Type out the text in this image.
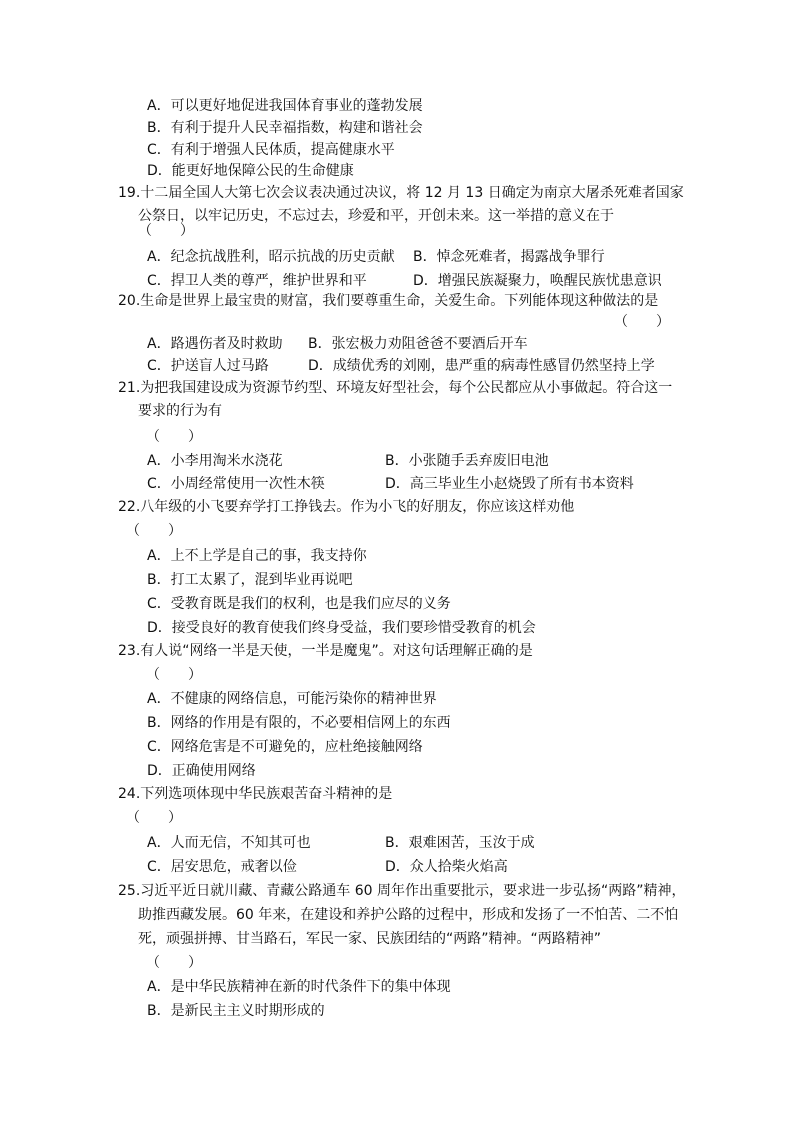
A．可以更好地促进我国体育事业的蓬勃发展
B．有利于提升人民幸福指数，构建和谐社会
C．有利于增强人民体质，提高健康水平
D．能更好地保障公民的生命健康
19.十二届全国人大第七次会议表决通过决议，将 12 月 13 日确定为南京大屠杀死难者国家
公祭日，以牢记历史，不忘过去，珍爱和平，开创未来。这一举措的意义在于
（　　）
A．纪念抗战胜利，昭示抗战的历史贡献 B．悼念死难者，揭露战争罪行
C．捍卫人类的尊严，维护世界和平	D．增强民族凝聚力，唤醒民族忧患意识
20.生命是世界上最宝贵的财富，我们要尊重生命，关爱生命。下列能体现这种做法的是
（　　）
A．路遇伤者及时救助 B．张宏极力劝阻爸爸不要酒后开车
C．护送盲人过马路	D．成绩优秀的刘刚，患严重的病毒性感冒仍然坚持上学
21.为把我国建设成为资源节约型、环境友好型社会，每个公民都应从小事做起。符合这一
要求的行为有
（　　）
A．小李用淘米水浇花	B．小张随手丢弃废旧电池
C．小周经常使用一次性木筷	D．高三毕业生小赵烧毁了所有书本资料
22.八年级的小飞要弃学打工挣钱去。作为小飞的好朋友，你应该这样劝他
（　　）
A．上不上学是自己的事，我支持你
B．打工太累了，混到毕业再说吧
C．受教育既是我们的权利，也是我们应尽的义务
D．接受良好的教育使我们终身受益，我们要珍惜受教育的机会
23.有人说“网络一半是天使，一半是魔鬼”。对这句话理解正确的是
（　　）
A．不健康的网络信息，可能污染你的精神世界
B．网络的作用是有限的，不必要相信网上的东西
C．网络危害是不可避免的，应杜绝接触网络
D．正确使用网络
24.下列选项体现中华民族艰苦奋斗精神的是
（　　）
A．人而无信，不知其可也	B．艰难困苦，玉汝于成
C．居安思危，戒奢以俭	D．众人拾柴火焰高
25.习近平近日就川藏、青藏公路通车 60 周年作出重要批示，要求进一步弘扬“两路”精神，
助推西藏发展。60 年来，在建设和养护公路的过程中，形成和发扬了一不怕苦、二不怕
死，顽强拼搏、甘当路石，军民一家、民族团结的“两路”精神。“两路精神”
（　　）
A．是中华民族精神在新的时代条件下的集中体现
B．是新民主主义时期形成的
